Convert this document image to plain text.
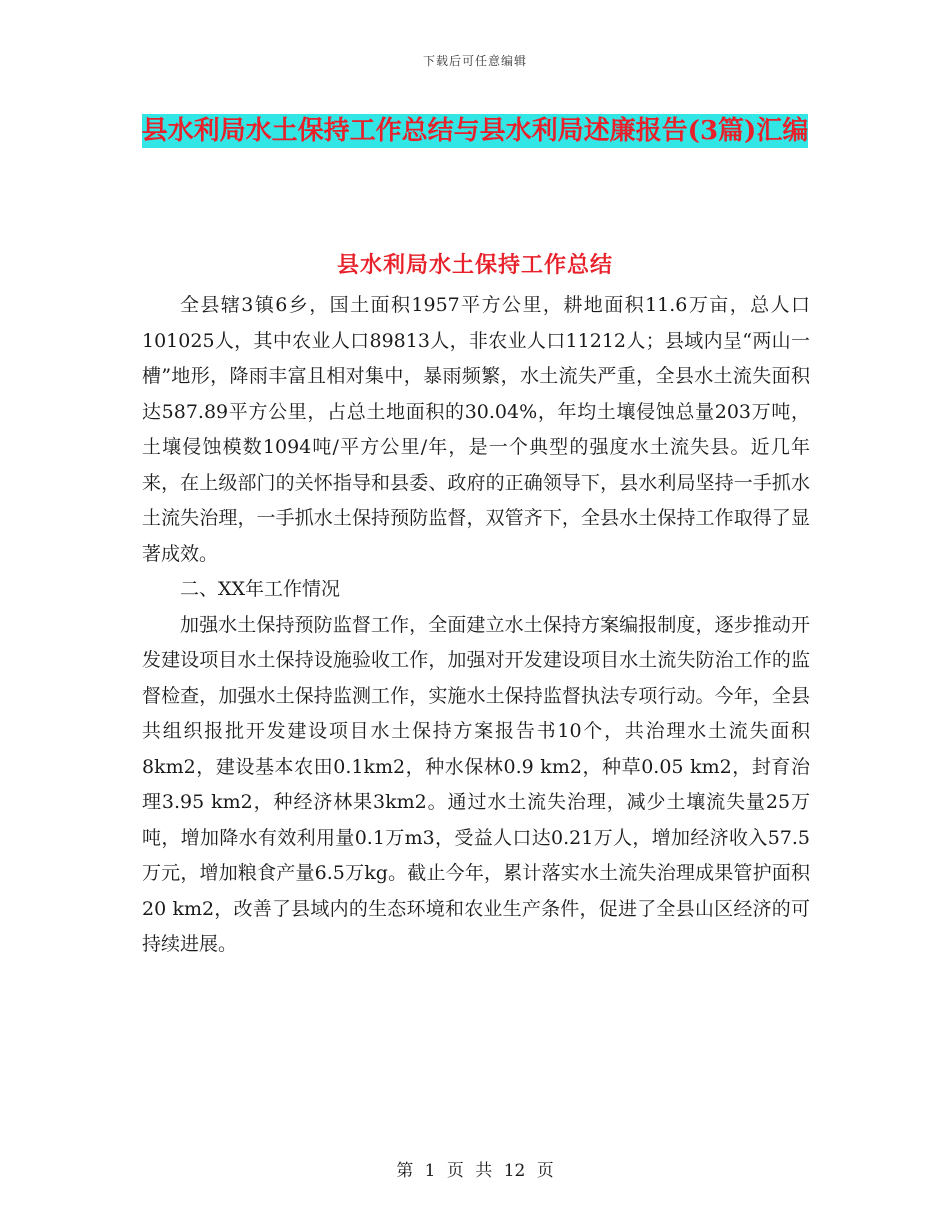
下载后可任意编辑
县水利局水土保持工作总结与县水利局述廉报告(3篇)汇编
县水利局水土保持工作总结

全县辖3镇6乡，国土面积1957平方公里，耕地面积11.6万亩，总人口101025人，其中农业人口89813人，非农业人口11212人；县域内呈“两山一槽”地形，降雨丰富且相对集中，暴雨频繁，水土流失严重，全县水土流失面积达587.89平方公里，占总土地面积的30.04%，年均土壤侵蚀总量203万吨，土壤侵蚀模数1094吨/平方公里/年，是一个典型的强度水土流失县。近几年来，在上级部门的关怀指导和县委、政府的正确领导下，县水利局坚持一手抓水土流失治理，一手抓水土保持预防监督，双管齐下，全县水土保持工作取得了显著成效。

二、XX年工作情况

加强水土保持预防监督工作，全面建立水土保持方案编报制度，逐步推动开发建设项目水土保持设施验收工作，加强对开发建设项目水土流失防治工作的监督检查，加强水土保持监测工作，实施水土保持监督执法专项行动。今年，全县共组织报批开发建设项目水土保持方案报告书10个，共治理水土流失面积8km2，建设基本农田0.1km2，种水保林0.9 km2，种草0.05 km2，封育治理3.95 km2，种经济林果3km2。通过水土流失治理，减少土壤流失量25万吨，增加降水有效利用量0.1万m3，受益人口达0.21万人，增加经济收入57.5万元，增加粮食产量6.5万kg。截止今年，累计落实水土流失治理成果管护面积20 km2，改善了县域内的生态环境和农业生产条件，促进了全县山区经济的可持续进展。

第 1 页 共 12 页
